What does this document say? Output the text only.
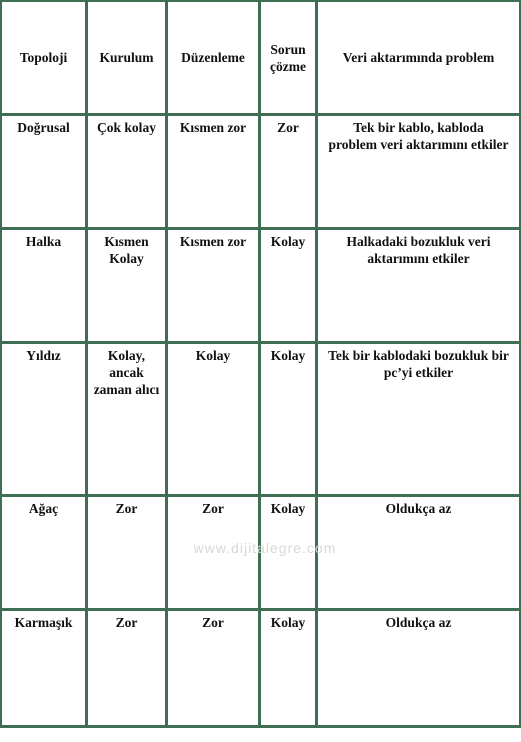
Topoloji	Kurulum	Düzenleme	Sorun çözme	Veri aktarımında problem
Doğrusal	Çok kolay	Kısmen zor	Zor	Tek bir kablo, kabloda problem veri aktarımını etkiler
Halka	Kısmen Kolay	Kısmen zor	Kolay	Halkadaki bozukluk veri aktarımını etkiler
Yıldız	Kolay, ancak zaman alıcı	Kolay	Kolay	Tek bir kablodaki bozukluk bir pc’yi etkiler
Ağaç	Zor	Zor	Kolay	Oldukça az
Karmaşık	Zor	Zor	Kolay	Oldukça az
www.dijitalegre.com
